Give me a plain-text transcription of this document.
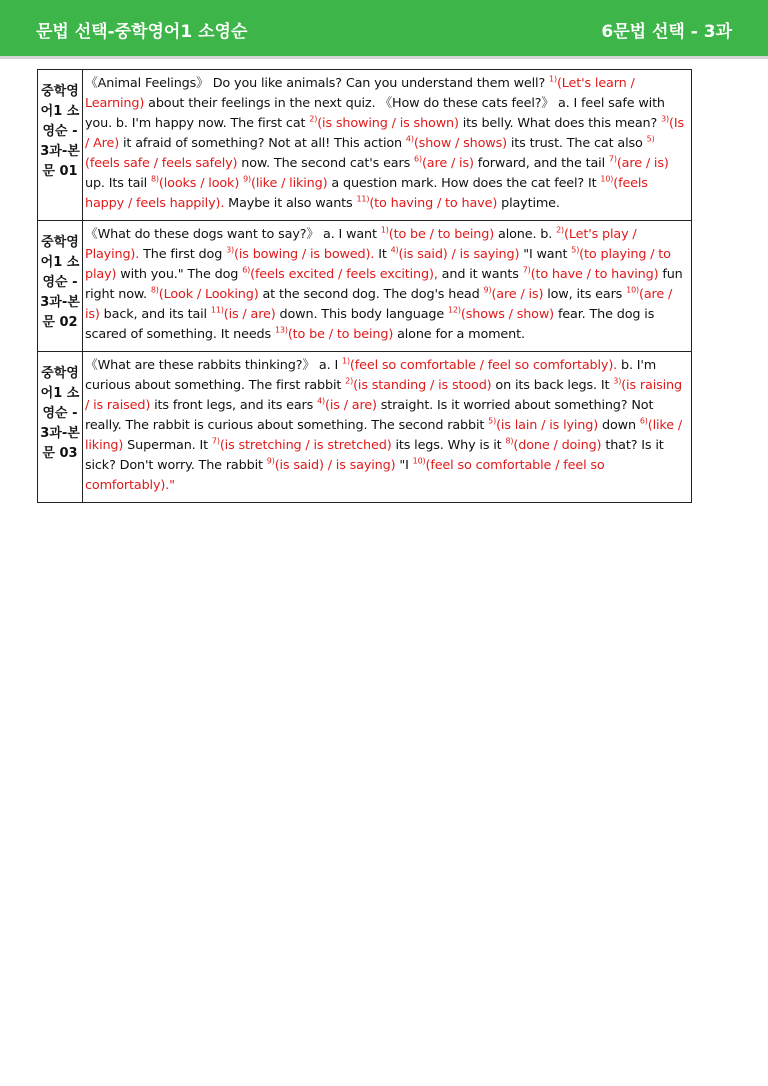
문법 선택-중학영어1 소영순	6문법 선택 - 3과
중학영어1 소영순 - 3과-본문 01	《Animal Feelings》 Do you like animals? Can you understand them well? $^{1)}$(Let's learn / Learning) about their feelings in the next quiz. 《How do these cats feel?》 a. I feel safe with you. b. I'm happy now. The first cat $^{2)}$(is showing / is shown) its belly. What does this mean? $^{3)}$(Is / Are) it afraid of something? Not at all! This action $^{4)}$(show / shows) its trust. The cat also $^{5)}$(feels safe / feels safely) now. The second cat's ears $^{6)}$(are / is) forward, and the tail $^{7)}$(are / is) up. Its tail $^{8)}$(looks / look) $^{9)}$(like / liking) a question mark. How does the cat feel? It $^{10)}$(feels happy / feels happily). Maybe it also wants $^{11)}$(to having / to have) playtime.
중학영어1 소영순 - 3과-본문 02	《What do these dogs want to say?》 a. I want $^{1)}$(to be / to being) alone. b. $^{2)}$(Let's play / Playing). The first dog $^{3)}$(is bowing / is bowed). It $^{4)}$(is said) / is saying) "I want $^{5)}$(to playing / to play) with you." The dog $^{6)}$(feels excited / feels exciting), and it wants $^{7)}$(to have / to having) fun right now. $^{8)}$(Look / Looking) at the second dog. The dog's head $^{9)}$(are / is) low, its ears $^{10)}$(are / is) back, and its tail $^{11)}$(is / are) down. This body language $^{12)}$(shows / show) fear. The dog is scared of something. It needs $^{13)}$(to be / to being) alone for a moment.
중학영어1 소영순 - 3과-본문 03	《What are these rabbits thinking?》 a. I $^{1)}$(feel so comfortable / feel so comfortably). b. I'm curious about something. The first rabbit $^{2)}$(is standing / is stood) on its back legs. It $^{3)}$(is raising / is raised) its front legs, and its ears $^{4)}$(is / are) straight. Is it worried about something? Not really. The rabbit is curious about something. The second rabbit $^{5)}$(is lain / is lying) down $^{6)}$(like / liking) Superman. It $^{7)}$(is stretching / is stretched) its legs. Why is it $^{8)}$(done / doing) that? Is it sick? Don't worry. The rabbit $^{9)}$(is said) / is saying) "I $^{10)}$(feel so comfortable / feel so comfortably)."
